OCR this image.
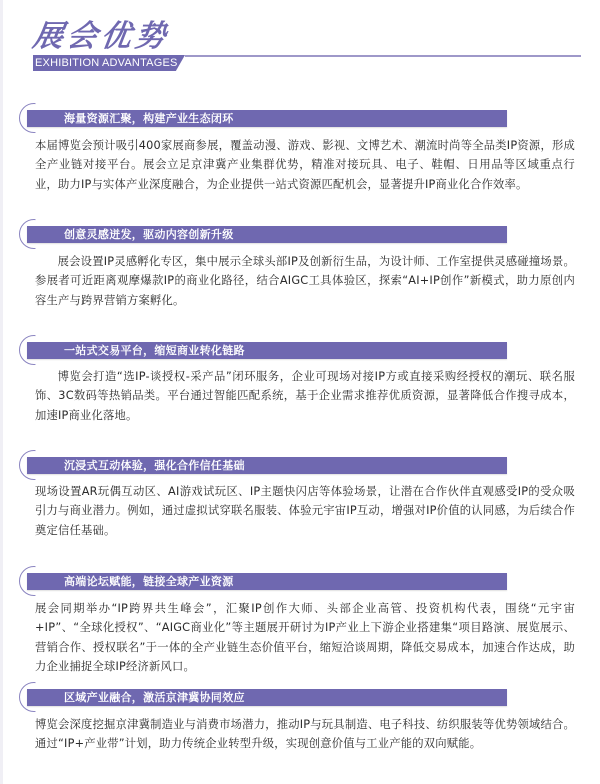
展会优势
EXHIBITION ADVANTAGES
海量资源汇聚，构建产业生态闭环
本届博览会预计吸引400家展商参展，覆盖动漫、游戏、影视、文博艺术、潮流时尚等全品类IP资源，形成全产业链对接平台。展会立足京津冀产业集群优势，精准对接玩具、电子、鞋帽、日用品等区域重点行业，助力IP与实体产业深度融合，为企业提供一站式资源匹配机会，显著提升IP商业化合作效率。
创意灵感迸发，驱动内容创新升级
展会设置IP灵感孵化专区，集中展示全球头部IP及创新衍生品，为设计师、工作室提供灵感碰撞场景。参展者可近距离观摩爆款IP的商业化路径，结合AIGC工具体验区，探索“AI+IP创作”新模式，助力原创内容生产与跨界营销方案孵化。
一站式交易平台，缩短商业转化链路
博览会打造“选IP-谈授权-采产品”闭环服务，企业可现场对接IP方或直接采购经授权的潮玩、联名服饰、3C数码等热销品类。平台通过智能匹配系统，基于企业需求推荐优质资源，显著降低合作搜寻成本，加速IP商业化落地。
沉浸式互动体验，强化合作信任基础
现场设置AR玩偶互动区、AI游戏试玩区、IP主题快闪店等体验场景，让潜在合作伙伴直观感受IP的受众吸引力与商业潜力。例如，通过虚拟试穿联名服装、体验元宇宙IP互动，增强对IP价值的认同感，为后续合作奠定信任基础。
高端论坛赋能，链接全球产业资源
展会同期举办“IP跨界共生峰会”，汇聚IP创作大师、头部企业高管、投资机构代表，围绕“元宇宙+IP”、“全球化授权”、“AIGC商业化”等主题展开研讨为IP产业上下游企业搭建集“项目路演、展览展示、营销合作、授权联名”于一体的全产业链生态价值平台，缩短洽谈周期，降低交易成本，加速合作达成，助力企业捕捉全球IP经济新风口。
区域产业融合，激活京津冀协同效应
博览会深度挖掘京津冀制造业与消费市场潜力，推动IP与玩具制造、电子科技、纺织服装等优势领域结合。通过“IP+产业带”计划，助力传统企业转型升级，实现创意价值与工业产能的双向赋能。
